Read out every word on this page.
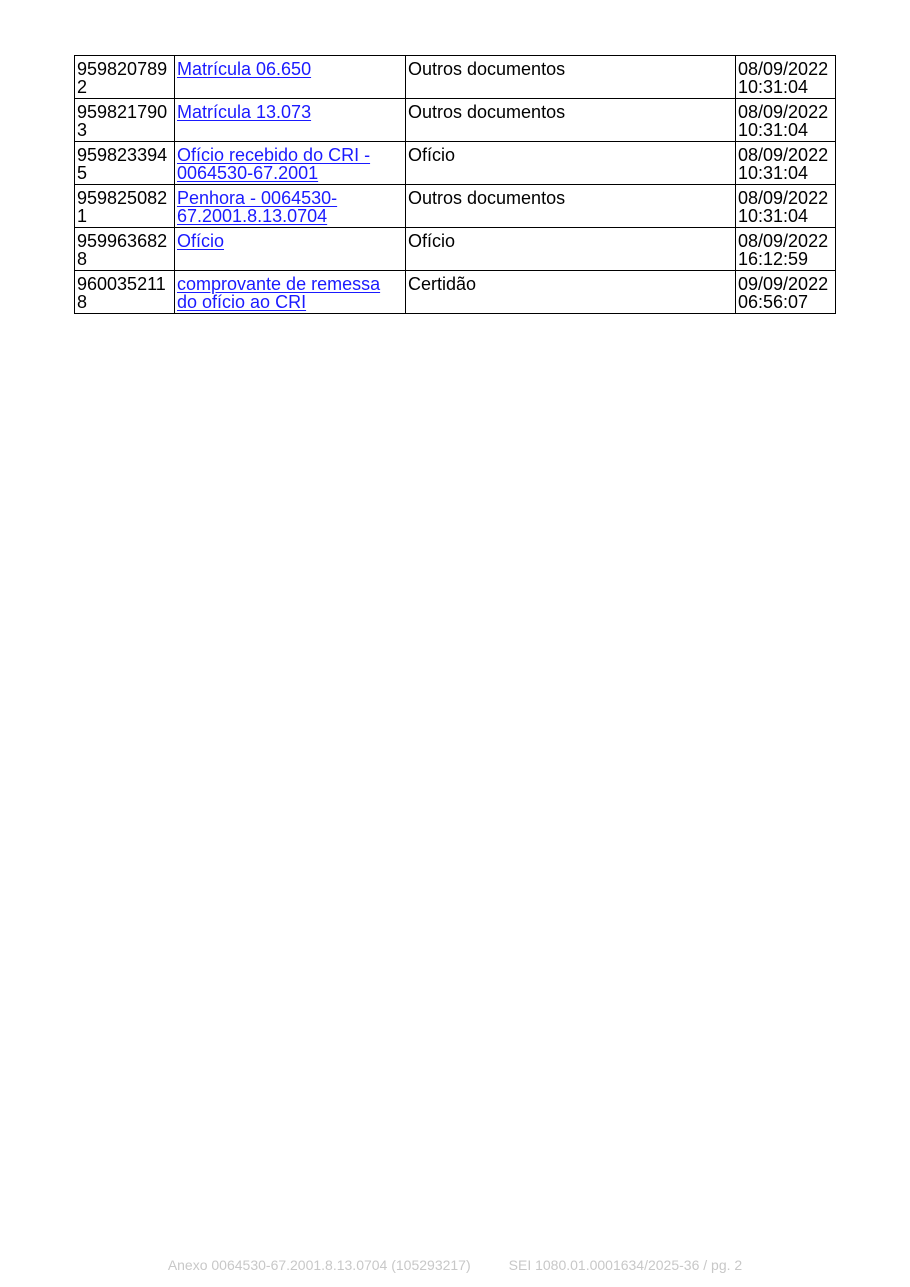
9598207892	Matrícula 06.650	Outros documentos	08/09/2022
10:31:04

9598217903	Matrícula 13.073	Outros documentos	08/09/2022
10:31:04

9598233945	Ofício recebido do CRI - 0064530-67.2001	Ofício	08/09/2022
10:31:04

9598250821	Penhora - 0064530-67.2001.8.13.0704	Outros documentos	08/09/2022
10:31:04

9599636828	Ofício	Ofício	08/09/2022
16:12:59

9600352118	comprovante de remessa do ofício ao CRI	Certidão	09/09/2022
06:56:07
Anexo 0064530-67.2001.8.13.0704 (105293217)	SEI 1080.01.0001634/2025-36 / pg. 2
